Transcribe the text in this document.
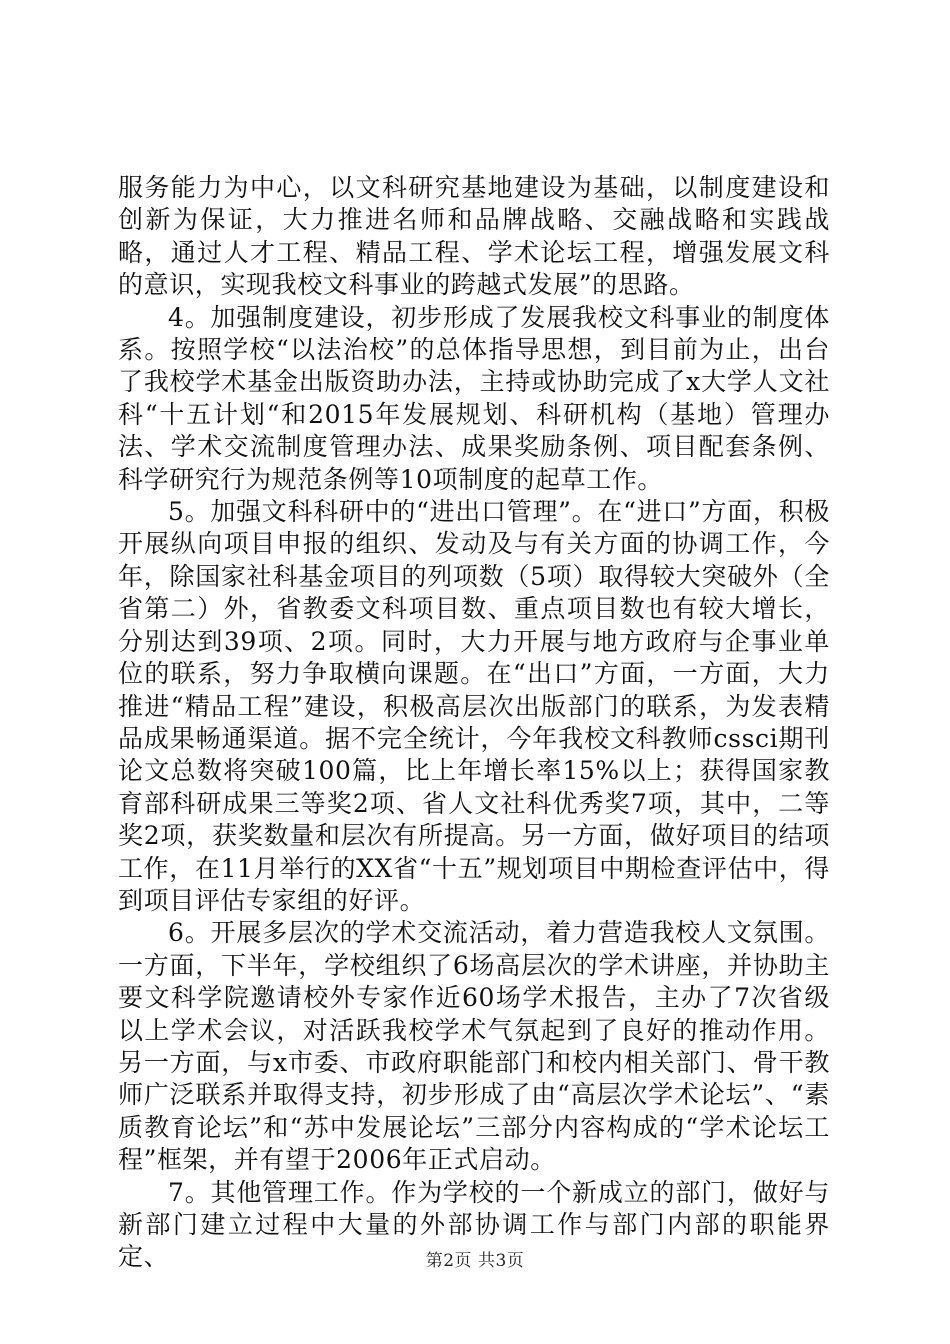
服务能力为中心，以文科研究基地建设为基础，以制度建设和创新为保证，大力推进名师和品牌战略、交融战略和实践战略，通过人才工程、精品工程、学术论坛工程，增强发展文科的意识，实现我校文科事业的跨越式发展”的思路。

4。加强制度建设，初步形成了发展我校文科事业的制度体系。按照学校“以法治校”的总体指导思想，到目前为止，出台了我校学术基金出版资助办法，主持或协助完成了x大学人文社科“十五计划“和2015年发展规划、科研机构（基地）管理办法、学术交流制度管理办法、成果奖励条例、项目配套条例、科学研究行为规范条例等10项制度的起草工作。

5。加强文科科研中的“进出口管理”。在“进口”方面，积极开展纵向项目申报的组织、发动及与有关方面的协调工作，今年，除国家社科基金项目的列项数（5项）取得较大突破外（全省第二）外，省教委文科项目数、重点项目数也有较大增长，分别达到39项、2项。同时，大力开展与地方政府与企事业单位的联系，努力争取横向课题。在“出口”方面，一方面，大力推进“精品工程”建设，积极高层次出版部门的联系，为发表精品成果畅通渠道。据不完全统计，今年我校文科教师cssci期刊论文总数将突破100篇，比上年增长率15%以上；获得国家教育部科研成果三等奖2项、省人文社科优秀奖7项，其中，二等奖2项，获奖数量和层次有所提高。另一方面，做好项目的结项工作，在11月举行的XX省“十五”规划项目中期检查评估中，得到项目评估专家组的好评。

6。开展多层次的学术交流活动，着力营造我校人文氛围。一方面，下半年，学校组织了6场高层次的学术讲座，并协助主要文科学院邀请校外专家作近60场学术报告，主办了7次省级以上学术会议，对活跃我校学术气氛起到了良好的推动作用。另一方面，与x市委、市政府职能部门和校内相关部门、骨干教师广泛联系并取得支持，初步形成了由“高层次学术论坛”、“素质教育论坛”和“苏中发展论坛”三部分内容构成的“学术论坛工程”框架，并有望于2006年正式启动。

7。其他管理工作。作为学校的一个新成立的部门，做好与新部门建立过程中大量的外部协调工作与部门内部的职能界定、	第2页 共3页
